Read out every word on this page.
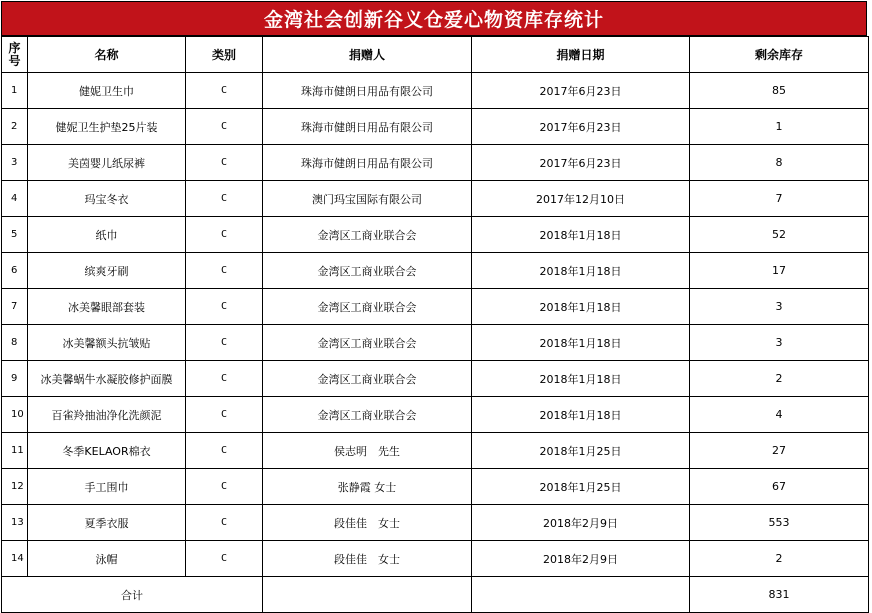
金湾社会创新谷义仓爱心物资库存统计
序
号	名称	类别	捐赠人	捐赠日期	剩余库存
1	健妮卫生巾	C	珠海市健朗日用品有限公司	2017年6月23日	85
2	健妮卫生护垫25片装	C	珠海市健朗日用品有限公司	2017年6月23日	1
3	美茵婴儿纸尿裤	C	珠海市健朗日用品有限公司	2017年6月23日	8
4	玛宝冬衣	C	澳门玛宝国际有限公司	2017年12月10日	7
5	纸巾	C	金湾区工商业联合会	2018年1月18日	52
6	缤爽牙刷	C	金湾区工商业联合会	2018年1月18日	17
7	冰美馨眼部套装	C	金湾区工商业联合会	2018年1月18日	3
8	冰美馨额头抗皱贴	C	金湾区工商业联合会	2018年1月18日	3
9	冰美馨蜗牛水凝胶修护面膜	C	金湾区工商业联合会	2018年1月18日	2
10	百雀羚抽油净化洗颜泥	C	金湾区工商业联合会	2018年1月18日	4
11	冬季KELAOR棉衣	C	侯志明　先生	2018年1月25日	27
12	手工围巾	C	张静霞 女士	2018年1月25日	67
13	夏季衣服	C	段佳佳　女士	2018年2月9日	553
14	泳帽	C	段佳佳　女士	2018年2月9日	2
合计					831
